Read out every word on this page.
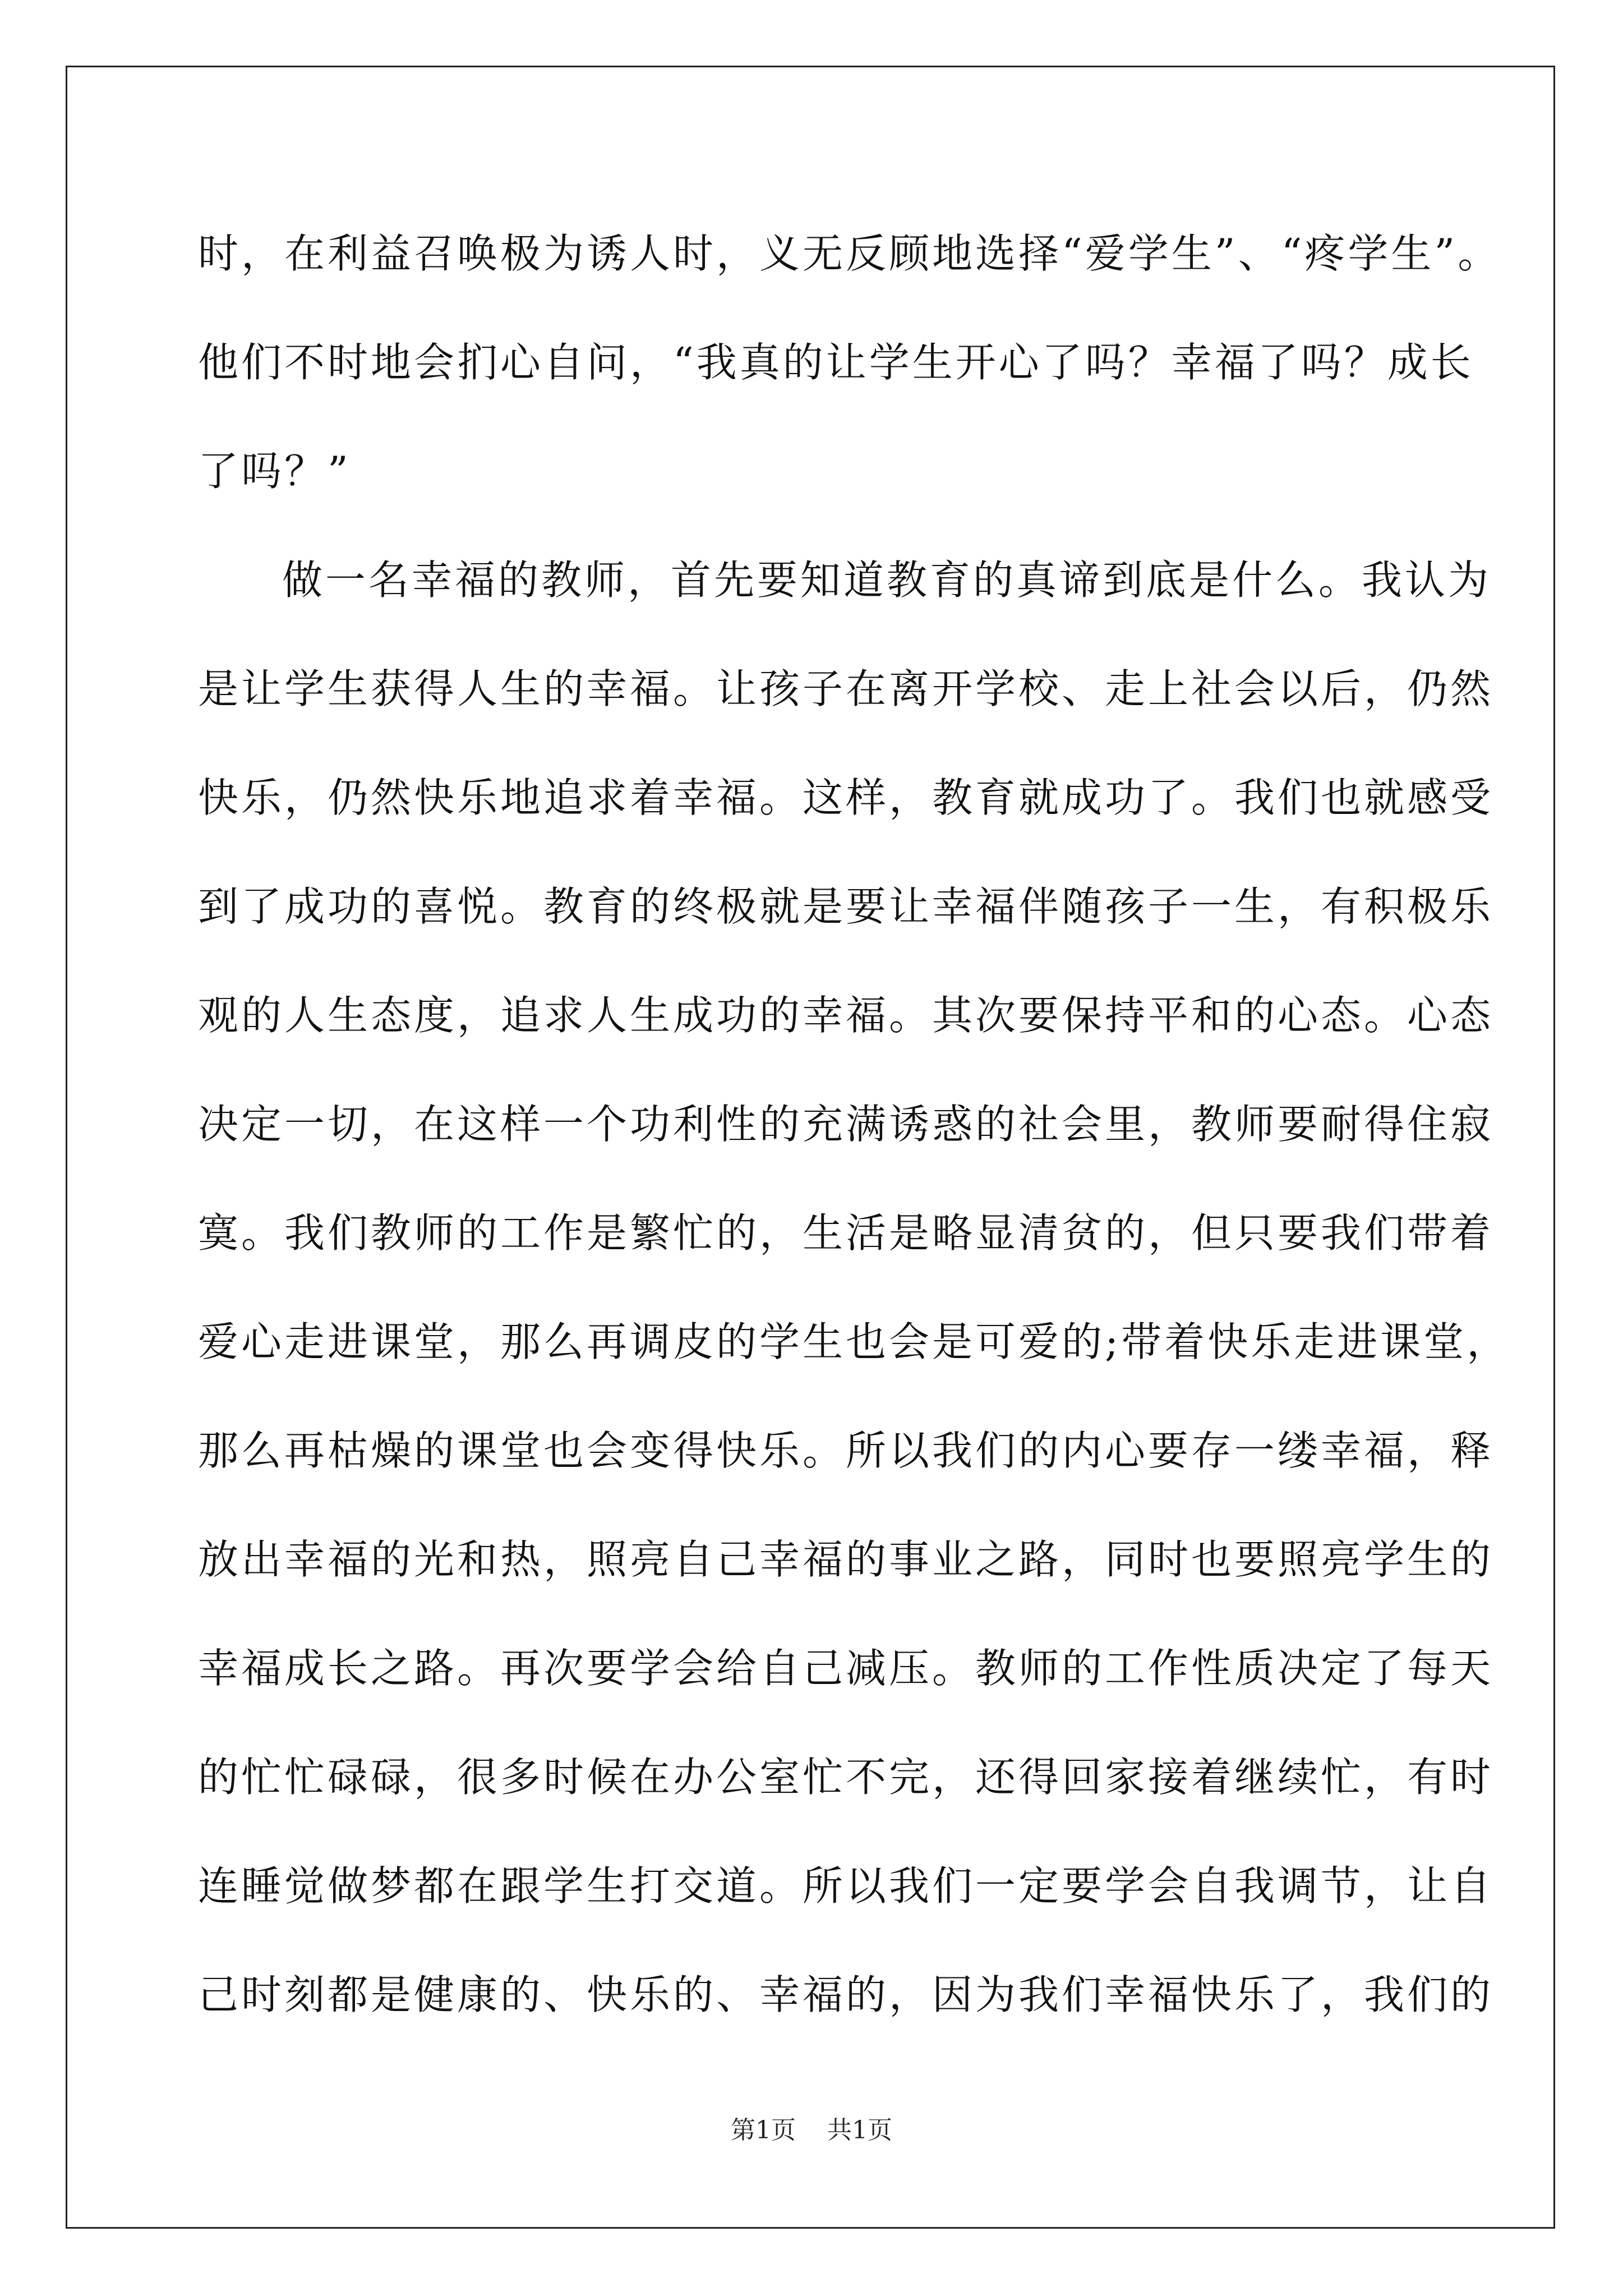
时，在利益召唤极为诱人时，义无反顾地选择“爱学生”、“疼学生”。
他们不时地会扪心自问，“我真的让学生开心了吗？幸福了吗？成长
了吗？”
做一名幸福的教师，首先要知道教育的真谛到底是什么。我认为
是让学生获得人生的幸福。让孩子在离开学校、走上社会以后，仍然
快乐，仍然快乐地追求着幸福。这样，教育就成功了。我们也就感受
到了成功的喜悦。教育的终极就是要让幸福伴随孩子一生，有积极乐
观的人生态度，追求人生成功的幸福。其次要保持平和的心态。心态
决定一切，在这样一个功利性的充满诱惑的社会里，教师要耐得住寂
寞。我们教师的工作是繁忙的，生活是略显清贫的，但只要我们带着
爱心走进课堂，那么再调皮的学生也会是可爱的;带着快乐走进课堂，
那么再枯燥的课堂也会变得快乐。所以我们的内心要存一缕幸福，释
放出幸福的光和热，照亮自己幸福的事业之路，同时也要照亮学生的
幸福成长之路。再次要学会给自己减压。教师的工作性质决定了每天
的忙忙碌碌，很多时候在办公室忙不完，还得回家接着继续忙，有时
连睡觉做梦都在跟学生打交道。所以我们一定要学会自我调节，让自
己时刻都是健康的、快乐的、幸福的，因为我们幸福快乐了，我们的
第1页 共1页
